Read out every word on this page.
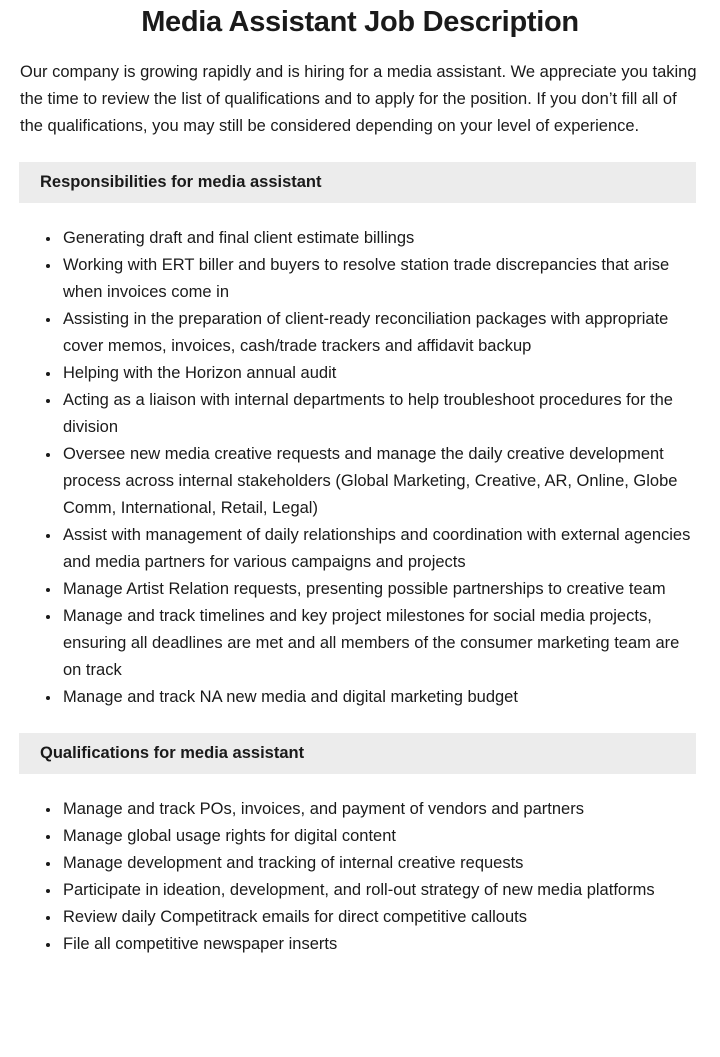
Media Assistant Job Description

Our company is growing rapidly and is hiring for a media assistant. We appreciate you taking the time to review the list of qualifications and to apply for the position. If you don’t fill all of the qualifications, you may still be considered depending on your level of experience.

Responsibilities for media assistant
• Generating draft and final client estimate billings
• Working with ERT biller and buyers to resolve station trade discrepancies that arise when invoices come in
• Assisting in the preparation of client-ready reconciliation packages with appropriate cover memos, invoices, cash/trade trackers and affidavit backup
• Helping with the Horizon annual audit
• Acting as a liaison with internal departments to help troubleshoot procedures for the division
• Oversee new media creative requests and manage the daily creative development process across internal stakeholders (Global Marketing, Creative, AR, Online, Globe Comm, International, Retail, Legal)
• Assist with management of daily relationships and coordination with external agencies and media partners for various campaigns and projects
• Manage Artist Relation requests, presenting possible partnerships to creative team
• Manage and track timelines and key project milestones for social media projects, ensuring all deadlines are met and all members of the consumer marketing team are on track
• Manage and track NA new media and digital marketing budget
Qualifications for media assistant
• Manage and track POs, invoices, and payment of vendors and partners
• Manage global usage rights for digital content
• Manage development and tracking of internal creative requests
• Participate in ideation, development, and roll-out strategy of new media platforms
• Review daily Competitrack emails for direct competitive callouts
• File all competitive newspaper inserts
